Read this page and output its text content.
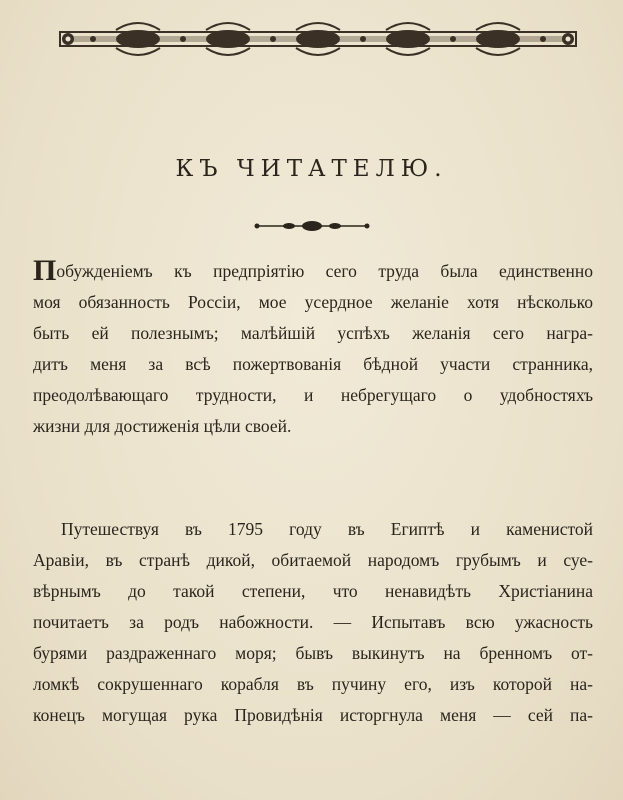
КЪ ЧИТАТЕЛЮ.
Побужденіемъ къ предпріятію сего труда была единственно
моя обязанность Россіи, мое усердное желаніе хотя нѣсколько
быть ей полезнымъ; малѣйшій успѣхъ желанія сего награ-
дитъ меня за всѣ пожертвованія бѣдной участи странника,
преодолѣвающаго трудности, и небрегущаго о удобностяхъ
жизни для достиженія цѣли своей.
Путешествуя въ 1795 году въ Египтѣ и каменистой
Аравіи, въ странѣ дикой, обитаемой народомъ грубымъ и суе-
вѣрнымъ до такой степени, что ненавидѣть Христіанина
почитаетъ за родъ набожности. — Испытавъ всю ужасность
бурями раздраженнаго моря; бывъ выкинутъ на бренномъ от-
ломкѣ сокрушеннаго корабля въ пучину его, изъ которой на-
конецъ могущая рука Провидѣнія исторгнула меня — сей па-
